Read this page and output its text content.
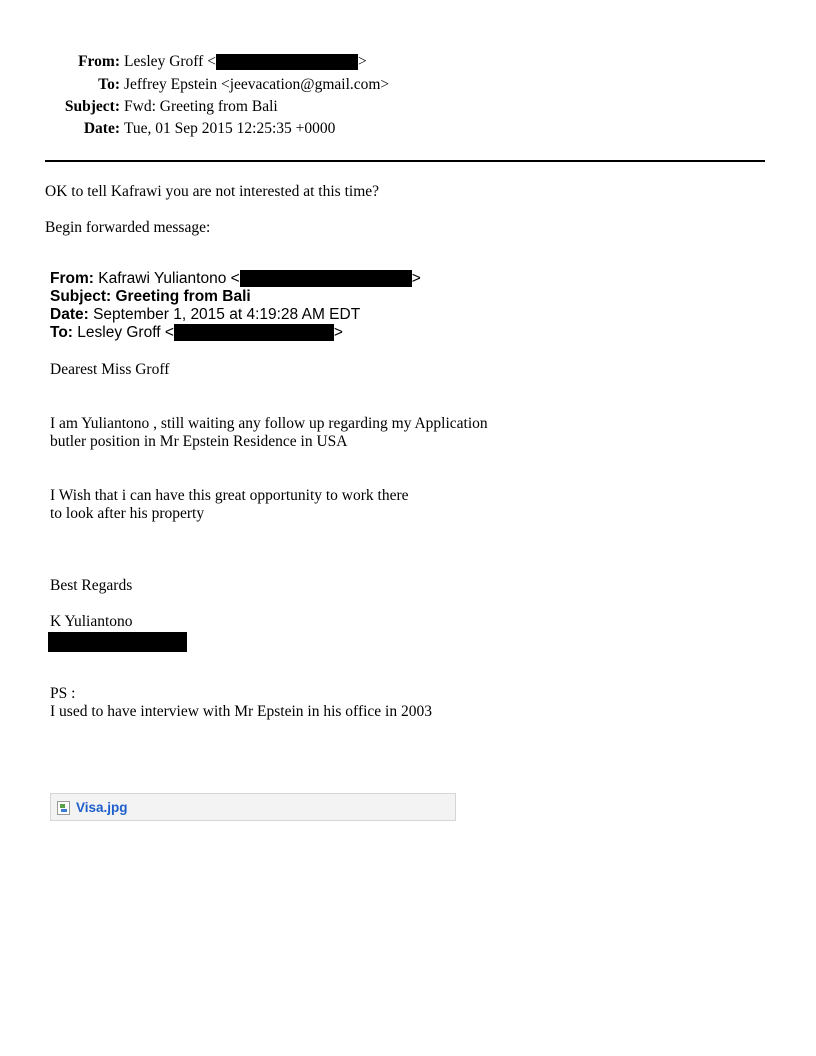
From: Lesley Groff <	>
To: Jeffrey Epstein <jeevacation@gmail.com>
Subject: Fwd: Greeting from Bali
Date: Tue, 01 Sep 2015 12:25:35 +0000
OK to tell Kafrawi you are not interested at this time?
Begin forwarded message:
From: Kafrawi Yuliantono <	>
Subject: Greeting from Bali
Date: September 1, 2015 at 4:19:28 AM EDT
To: Lesley Groff <	>
Dearest Miss Groff
I am Yuliantono , still waiting any follow up regarding my Application
butler position in Mr Epstein Residence in USA
I Wish that i can have this great opportunity to work there
to look after his property
Best Regards
K Yuliantono
PS :
I used to have interview with Mr Epstein in his office in 2003
Visa.jpg
